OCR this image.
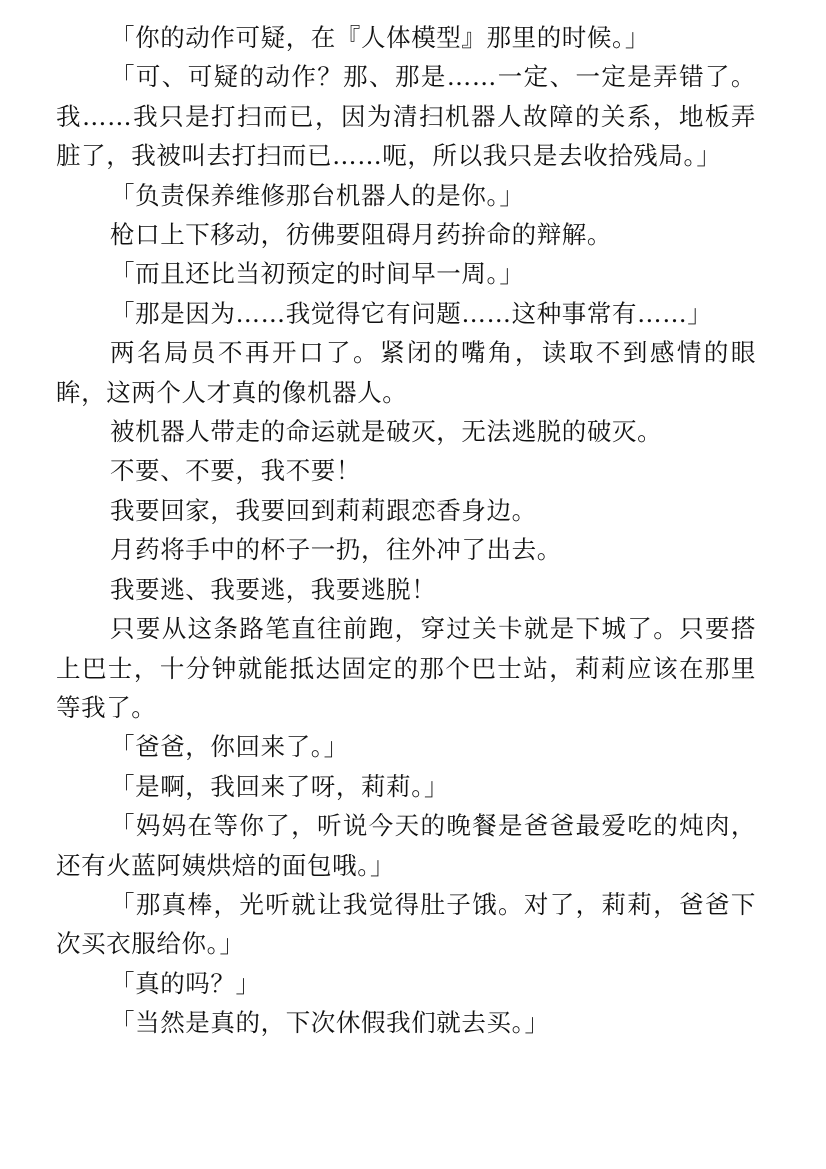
「你的动作可疑，在『人体模型』那里的时候。」

「可、可疑的动作？那、那是……一定、一定是弄错了。我……我只是打扫而已，因为清扫机器人故障的关系，地板弄脏了，我被叫去打扫而已……呃，所以我只是去收拾残局。」

「负责保养维修那台机器人的是你。」

枪口上下移动，彷佛要阻碍月药拚命的辩解。

「而且还比当初预定的时间早一周。」

「那是因为……我觉得它有问题……这种事常有……」

两名局员不再开口了。紧闭的嘴角，读取不到感情的眼眸，这两个人才真的像机器人。

被机器人带走的命运就是破灭，无法逃脱的破灭。

不要、不要，我不要！

我要回家，我要回到莉莉跟恋香身边。

月药将手中的杯子一扔，往外冲了出去。

我要逃、我要逃，我要逃脱！

只要从这条路笔直往前跑，穿过关卡就是下城了。只要搭上巴士，十分钟就能抵达固定的那个巴士站，莉莉应该在那里等我了。

「爸爸，你回来了。」

「是啊，我回来了呀，莉莉。」

「妈妈在等你了，听说今天的晚餐是爸爸最爱吃的炖肉，还有火蓝阿姨烘焙的面包哦。」

「那真棒，光听就让我觉得肚子饿。对了，莉莉，爸爸下次买衣服给你。」

「真的吗？」

「当然是真的，下次休假我们就去买。」
